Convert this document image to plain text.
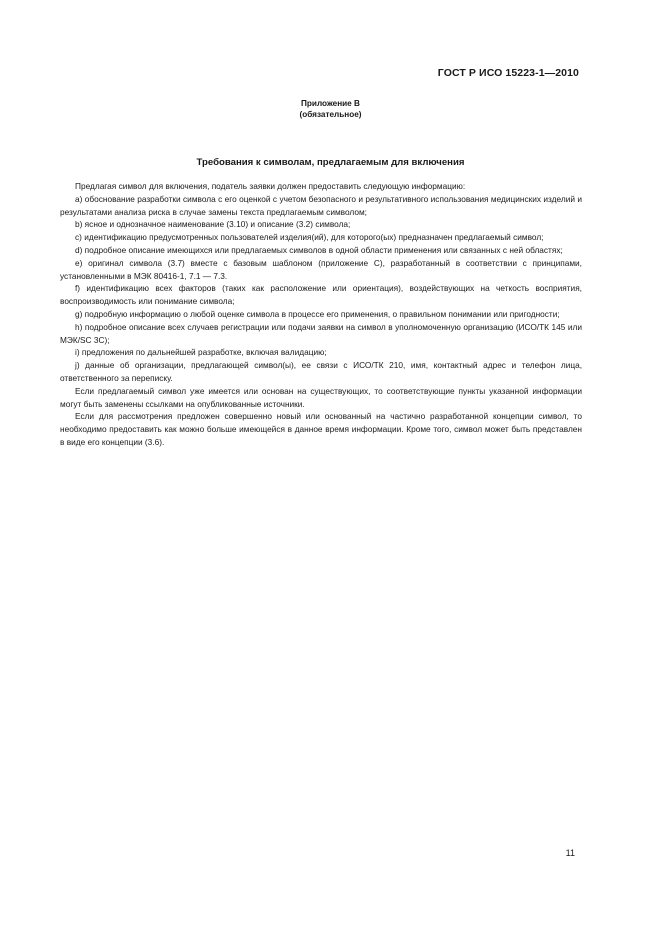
ГОСТ Р ИСО 15223-1—2010
Приложение В
(обязательное)
Требования к символам, предлагаемым для включения

Предлагая символ для включения, податель заявки должен предоставить следующую информацию:

a) обоснование разработки символа с его оценкой с учетом безопасного и результативного использования медицинских изделий и результатами анализа риска в случае замены текста предлагаемым символом;

b) ясное и однозначное наименование (3.10) и описание (3.2) символа;

c) идентификацию предусмотренных пользователей изделия(ий), для которого(ых) предназначен предлагаемый символ;

d) подробное описание имеющихся или предлагаемых символов в одной области применения или связанных с ней областях;

e) оригинал символа (3.7) вместе с базовым шаблоном (приложение С), разработанный в соответствии с принципами, установленными в МЭК 80416-1, 7.1 — 7.3.

f) идентификацию всех факторов (таких как расположение или ориентация), воздействующих на четкость восприятия, воспроизводимость или понимание символа;

g) подробную информацию о любой оценке символа в процессе его применения, о правильном понимании или пригодности;

h) подробное описание всех случаев регистрации или подачи заявки на символ в уполномоченную организацию (ИСО/ТК 145 или МЭК/SC 3С);

i) предложения по дальнейшей разработке, включая валидацию;

j) данные об организации, предлагающей символ(ы), ее связи с ИСО/ТК 210, имя, контактный адрес и телефон лица, ответственного за переписку.

Если предлагаемый символ уже имеется или основан на существующих, то соответствующие пункты указанной информации могут быть заменены ссылками на опубликованные источники.

Если для рассмотрения предложен совершенно новый или основанный на частично разработанной концепции символ, то необходимо предоставить как можно больше имеющейся в данное время информации. Кроме того, символ может быть представлен в виде его концепции (3.6).

11
